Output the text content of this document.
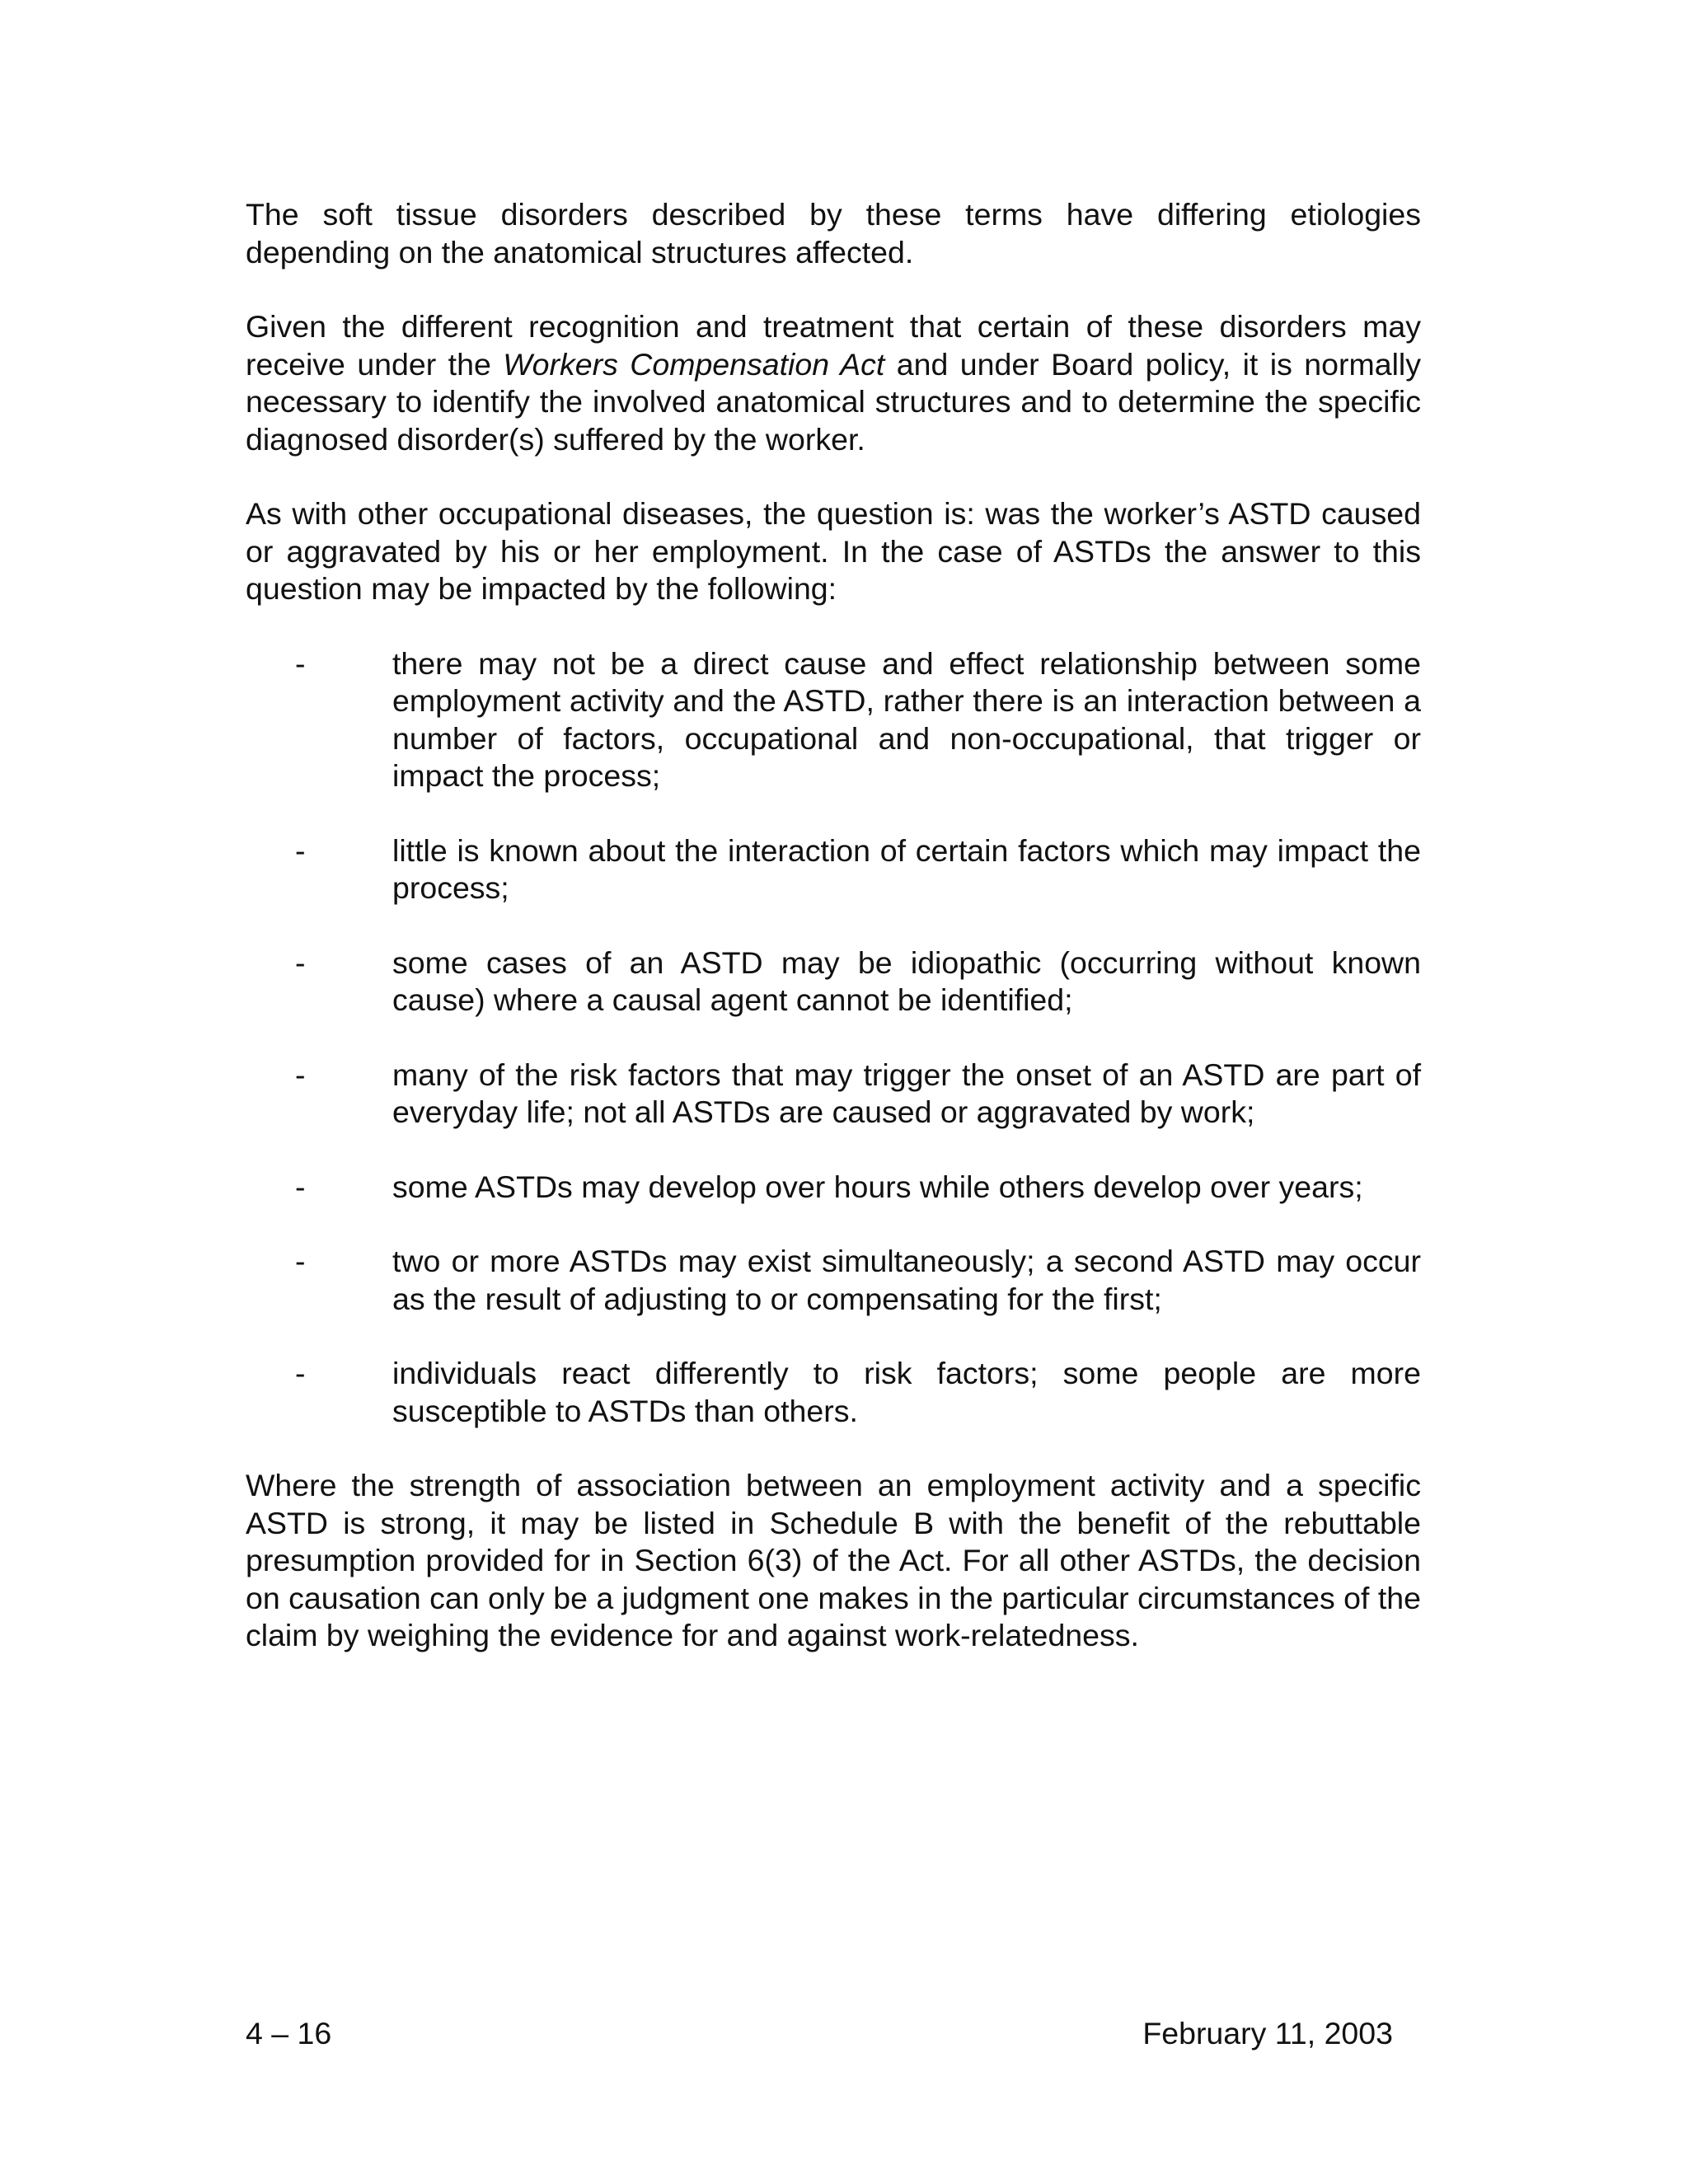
The soft tissue disorders described by these terms have differing etiologies depending on the anatomical structures affected.

Given the different recognition and treatment that certain of these disorders may receive under the Workers Compensation Act and under Board policy, it is normally necessary to identify the involved anatomical structures and to determine the specific diagnosed disorder(s) suffered by the worker.

As with other occupational diseases, the question is: was the worker’s ASTD caused or aggravated by his or her employment. In the case of ASTDs the answer to this question may be impacted by the following:

-	there may not be a direct cause and effect relationship between some employment activity and the ASTD, rather there is an interaction between a number of factors, occupational and non-occupational, that trigger or impact the process;
-	little is known about the interaction of certain factors which may impact the process;
-	some cases of an ASTD may be idiopathic (occurring without known cause) where a causal agent cannot be identified;
-	many of the risk factors that may trigger the onset of an ASTD are part of everyday life; not all ASTDs are caused or aggravated by work;
-	some ASTDs may develop over hours while others develop over years;
-	two or more ASTDs may exist simultaneously; a second ASTD may occur as the result of adjusting to or compensating for the first;
-	individuals react differently to risk factors; some people are more susceptible to ASTDs than others.

Where the strength of association between an employment activity and a specific ASTD is strong, it may be listed in Schedule B with the benefit of the rebuttable presumption provided for in Section 6(3) of the Act. For all other ASTDs, the decision on causation can only be a judgment one makes in the particular circumstances of the claim by weighing the evidence for and against work-relatedness.

4 – 16	February 11, 2003
